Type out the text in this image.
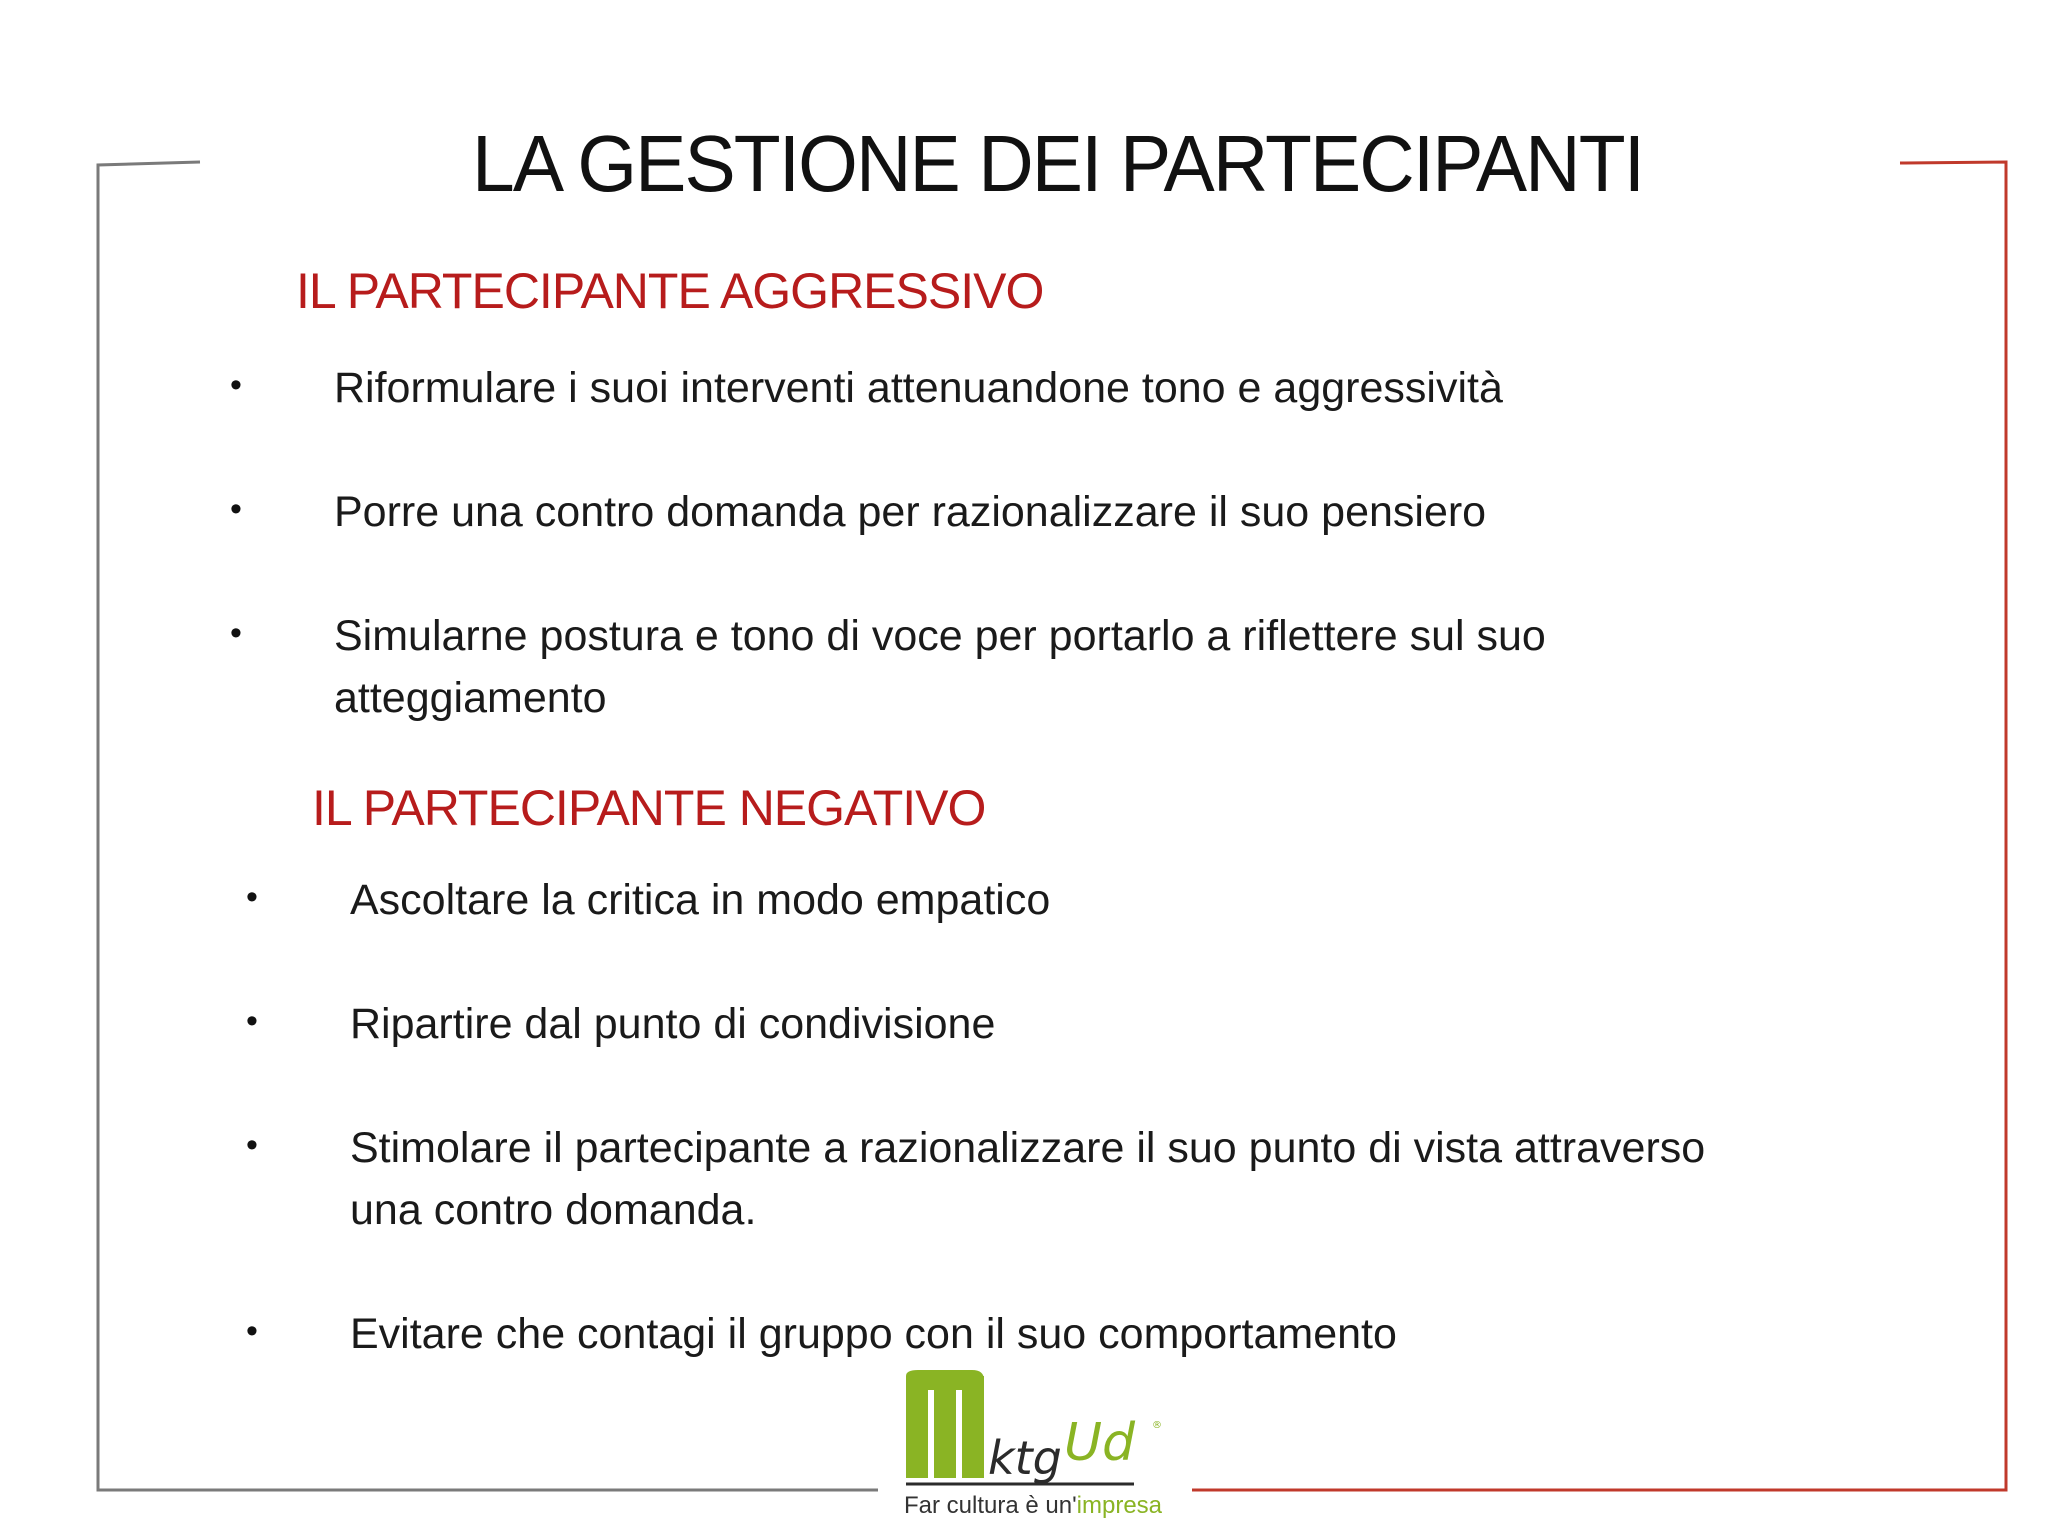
LA GESTIONE DEI PARTECIPANTI
IL PARTECIPANTE AGGRESSIVO
Riformulare i suoi interventi attenuandone tono e aggressività
Porre una contro domanda per razionalizzare il suo pensiero
Simularne postura e tono di voce per portarlo a riflettere sul suo atteggiamento
•
•
•
IL PARTECIPANTE NEGATIVO
Ascoltare la critica in modo empatico
Ripartire dal punto di condivisione
Stimolare il partecipante a razionalizzare il suo punto di vista attraverso una contro domanda.
Evitare che contagi il gruppo con il suo comportamento
•
•
•
•
ktg Ud ®
Far cultura è un'impresa
